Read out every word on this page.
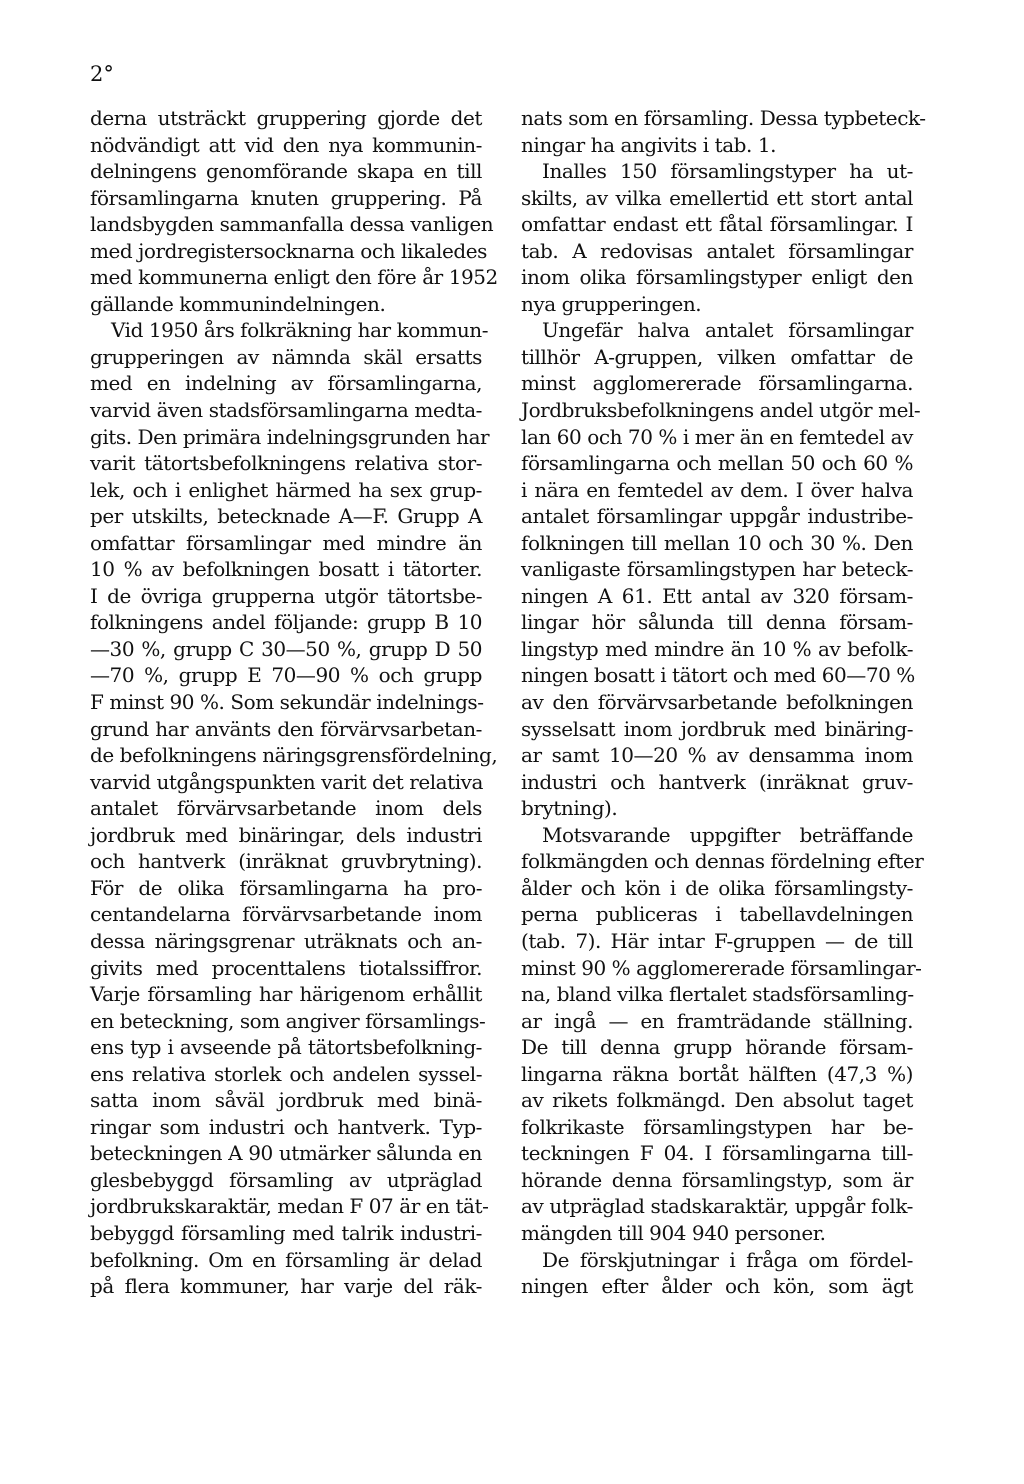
2°
derna utsträckt gruppering gjorde det
nödvändigt att vid den nya kommunin-
delningens genomförande skapa en till
församlingarna knuten gruppering. På
landsbygden sammanfalla dessa vanligen
med jordregistersocknarna och likaledes
med kommunerna enligt den före år 1952
gällande kommunindelningen.
Vid 1950 års folkräkning har kommun-
grupperingen av nämnda skäl ersatts
med en indelning av församlingarna,
varvid även stadsförsamlingarna medta-
gits. Den primära indelningsgrunden har
varit tätortsbefolkningens relativa stor-
lek, och i enlighet härmed ha sex grup-
per utskilts, betecknade A—F. Grupp A
omfattar församlingar med mindre än
10 % av befolkningen bosatt i tätorter.
I de övriga grupperna utgör tätortsbe-
folkningens andel följande: grupp B 10
—30 %, grupp C 30—50 %, grupp D 50
—70 %, grupp E 70—90 % och grupp
F minst 90 %. Som sekundär indelnings-
grund har använts den förvärvsarbetan-
de befolkningens näringsgrensfördelning,
varvid utgångspunkten varit det relativa
antalet förvärvsarbetande inom dels
jordbruk med binäringar, dels industri
och hantverk (inräknat gruvbrytning).
För de olika församlingarna ha pro-
centandelarna förvärvsarbetande inom
dessa näringsgrenar uträknats och an-
givits med procenttalens tiotalssiffror.
Varje församling har härigenom erhållit
en beteckning, som angiver församlings-
ens typ i avseende på tätortsbefolkning-
ens relativa storlek och andelen syssel-
satta inom såväl jordbruk med binä-
ringar som industri och hantverk. Typ-
beteckningen A 90 utmärker sålunda en
glesbebyggd församling av utpräglad
jordbrukskaraktär, medan F 07 är en tät-
bebyggd församling med talrik industri-
befolkning. Om en församling är delad
på flera kommuner, har varje del räk-
nats som en församling. Dessa typbeteck-
ningar ha angivits i tab. 1.
Inalles 150 församlingstyper ha ut-
skilts, av vilka emellertid ett stort antal
omfattar endast ett fåtal församlingar. I
tab. A redovisas antalet församlingar
inom olika församlingstyper enligt den
nya grupperingen.
Ungefär halva antalet församlingar
tillhör A-gruppen, vilken omfattar de
minst agglomererade församlingarna.
Jordbruksbefolkningens andel utgör mel-
lan 60 och 70 % i mer än en femtedel av
församlingarna och mellan 50 och 60 %
i nära en femtedel av dem. I över halva
antalet församlingar uppgår industribe-
folkningen till mellan 10 och 30 %. Den
vanligaste församlingstypen har beteck-
ningen A 61. Ett antal av 320 försam-
lingar hör sålunda till denna försam-
lingstyp med mindre än 10 % av befolk-
ningen bosatt i tätort och med 60—70 %
av den förvärvsarbetande befolkningen
sysselsatt inom jordbruk med binäring-
ar samt 10—20 % av densamma inom
industri och hantverk (inräknat gruv-
brytning).
Motsvarande uppgifter beträffande
folkmängden och dennas fördelning efter
ålder och kön i de olika församlingsty-
perna publiceras i tabellavdelningen
(tab. 7). Här intar F-gruppen — de till
minst 90 % agglomererade församlingar-
na, bland vilka flertalet stadsförsamling-
ar ingå — en framträdande ställning.
De till denna grupp hörande försam-
lingarna räkna bortåt hälften (47,3 %)
av rikets folkmängd. Den absolut taget
folkrikaste församlingstypen har be-
teckningen F 04. I församlingarna till-
hörande denna församlingstyp, som är
av utpräglad stadskaraktär, uppgår folk-
mängden till 904 940 personer.
De förskjutningar i fråga om fördel-
ningen efter ålder och kön, som ägt
